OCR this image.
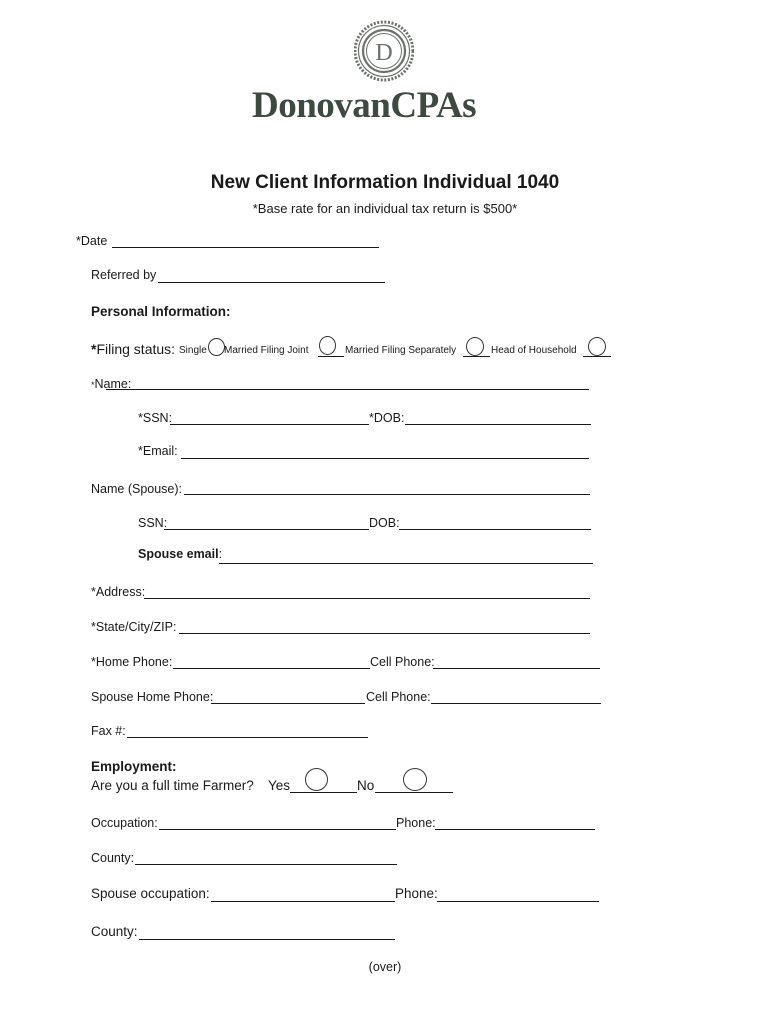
D
DonovanCPAs
New Client Information Individual 1040
*Base rate for an individual tax return is $500*
*Date
Referred by
Personal Information:
*Filing status: Single Married Filing Joint	Married Filing Separately	Head of Household
*Name:
*SSN:	*DOB:
*Email:
Name (Spouse):
SSN:	DOB:
Spouse email:
*Address:
*State/City/ZIP:
*Home Phone:	Cell Phone:
Spouse Home Phone:	Cell Phone:
Fax #:
Employment:
Are you a full time Farmer? Yes	No
Occupation:	Phone:
County:
Spouse occupation:	Phone:
County:
(over)
